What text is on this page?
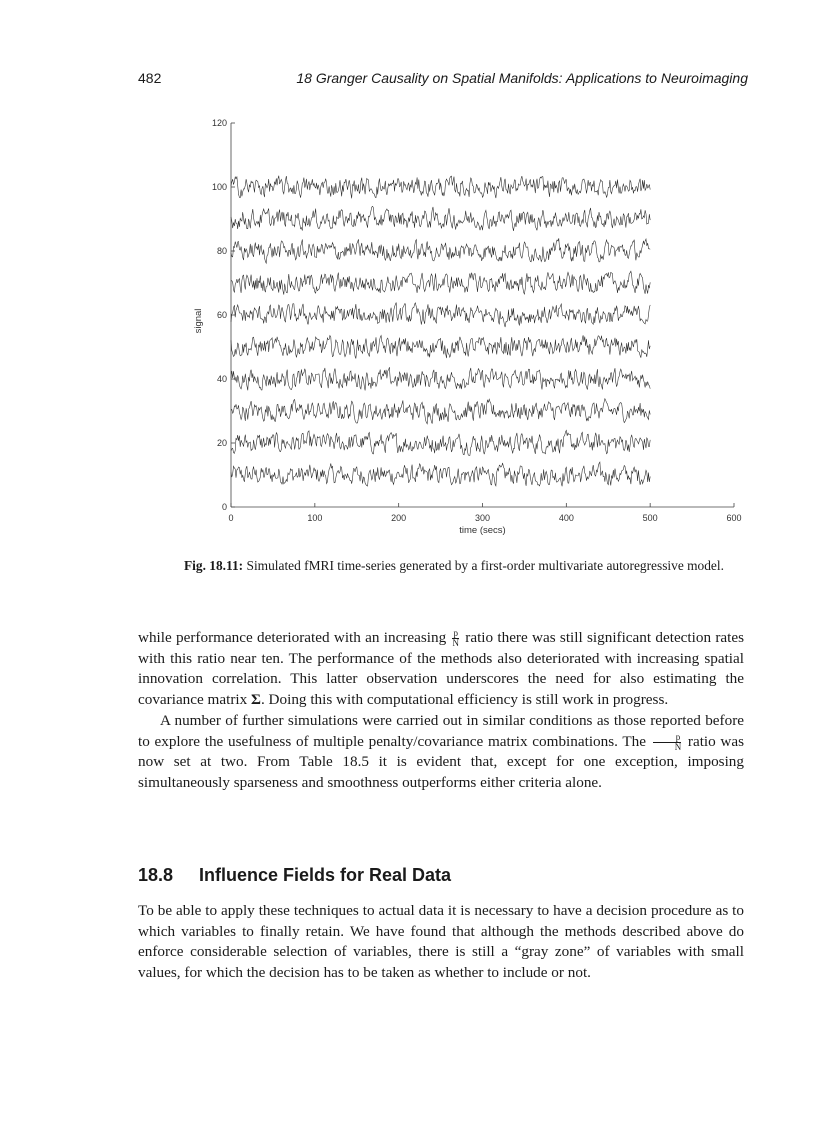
482	18 Granger Causality on Spatial Manifolds: Applications to Neuroimaging
0
20
40
60
80
100
120
0	100	200	300	400	500	600
time (secs)
signal
Fig. 18.11: Simulated fMRI time-series generated by a first-order multivariate autoregressive model.

while performance deteriorated with an increasing $\frac{p}{N}$ ratio there was still significant detection rates with this ratio near ten. The performance of the methods also deteriorated with increasing spatial innovation correlation. This latter observation underscores the need for also estimating the covariance matrix Σ. Doing this with computational efficiency is still work in progress.

A number of further simulations were carried out in similar conditions as those reported before to explore the usefulness of multiple penalty/covariance matrix combinations. The $\frac{p}{N}$ ratio was now set at two. From Table 18.5 it is evident that, except for one exception, imposing simultaneously sparseness and smoothness outperforms either criteria alone.

18.8 Influence Fields for Real Data

To be able to apply these techniques to actual data it is necessary to have a decision procedure as to which variables to finally retain. We have found that although the methods described above do enforce considerable selection of variables, there is still a “gray zone” of variables with small values, for which the decision has to be taken as whether to include or not.
